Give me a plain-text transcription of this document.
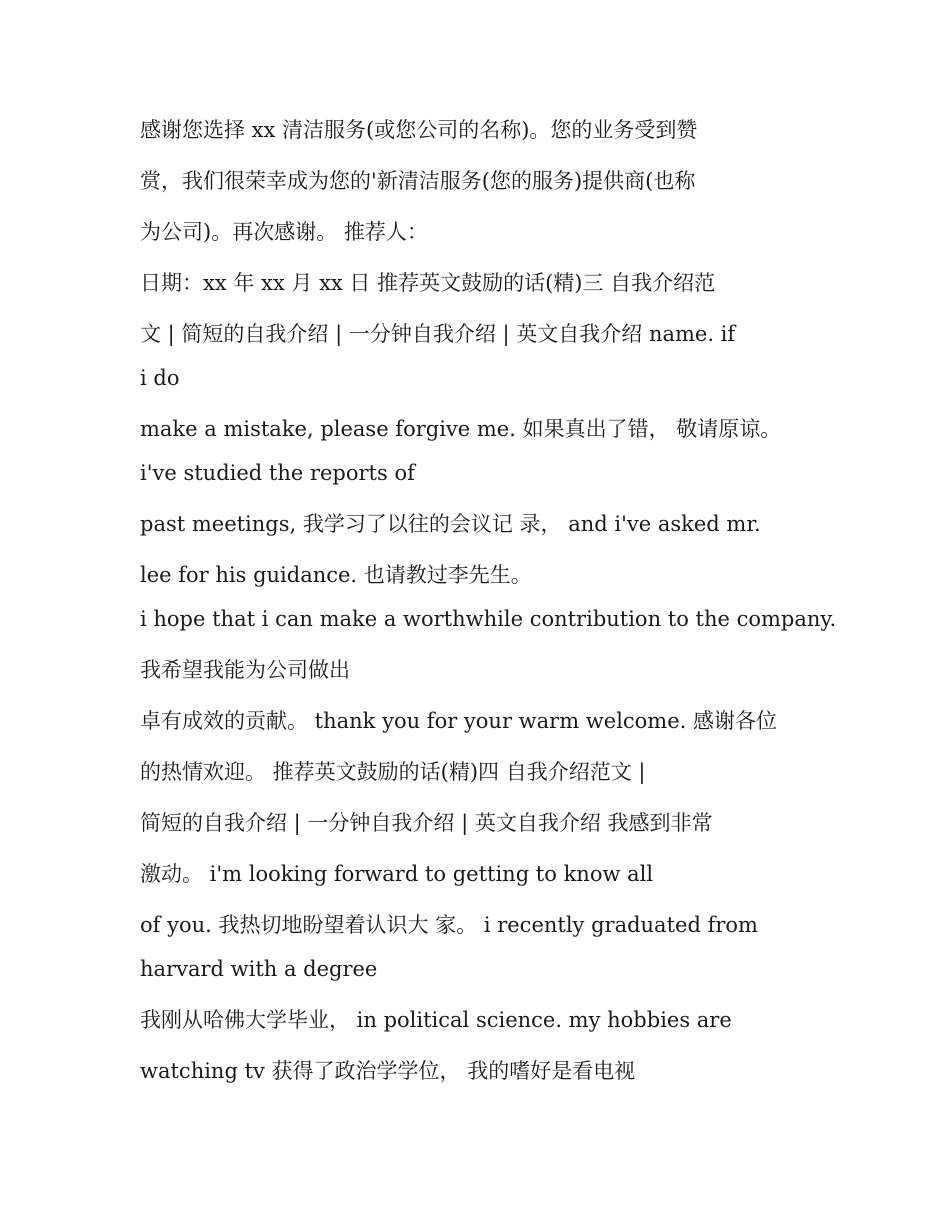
感谢您选择 xx 清洁服务(或您公司的名称)。您的业务受到赞
赏，我们很荣幸成为您的'新清洁服务(您的服务)提供商(也称
为公司)。再次感谢。 推荐人：
日期：xx 年 xx 月 xx 日 推荐英文鼓励的话(精)三 自我介绍范
文 | 简短的自我介绍 | 一分钟自我介绍 | 英文自我介绍 name. if
i do
make a mistake, please forgive me. 如果真出了错， 敬请原谅。
i've studied the reports of
past meetings, 我学习了以往的会议记 录， and i've asked mr.
lee for his guidance. 也请教过李先生。
i hope that i can make a worthwhile contribution to the company.
我希望我能为公司做出
卓有成效的贡献。 thank you for your warm welcome. 感谢各位
的热情欢迎。 推荐英文鼓励的话(精)四 自我介绍范文 |
简短的自我介绍 | 一分钟自我介绍 | 英文自我介绍 我感到非常
激动。 i'm looking forward to getting to know all
of you. 我热切地盼望着认识大 家。 i recently graduated from
harvard with a degree
我刚从哈佛大学毕业， in political science. my hobbies are
watching tv 获得了政治学学位， 我的嗜好是看电视
